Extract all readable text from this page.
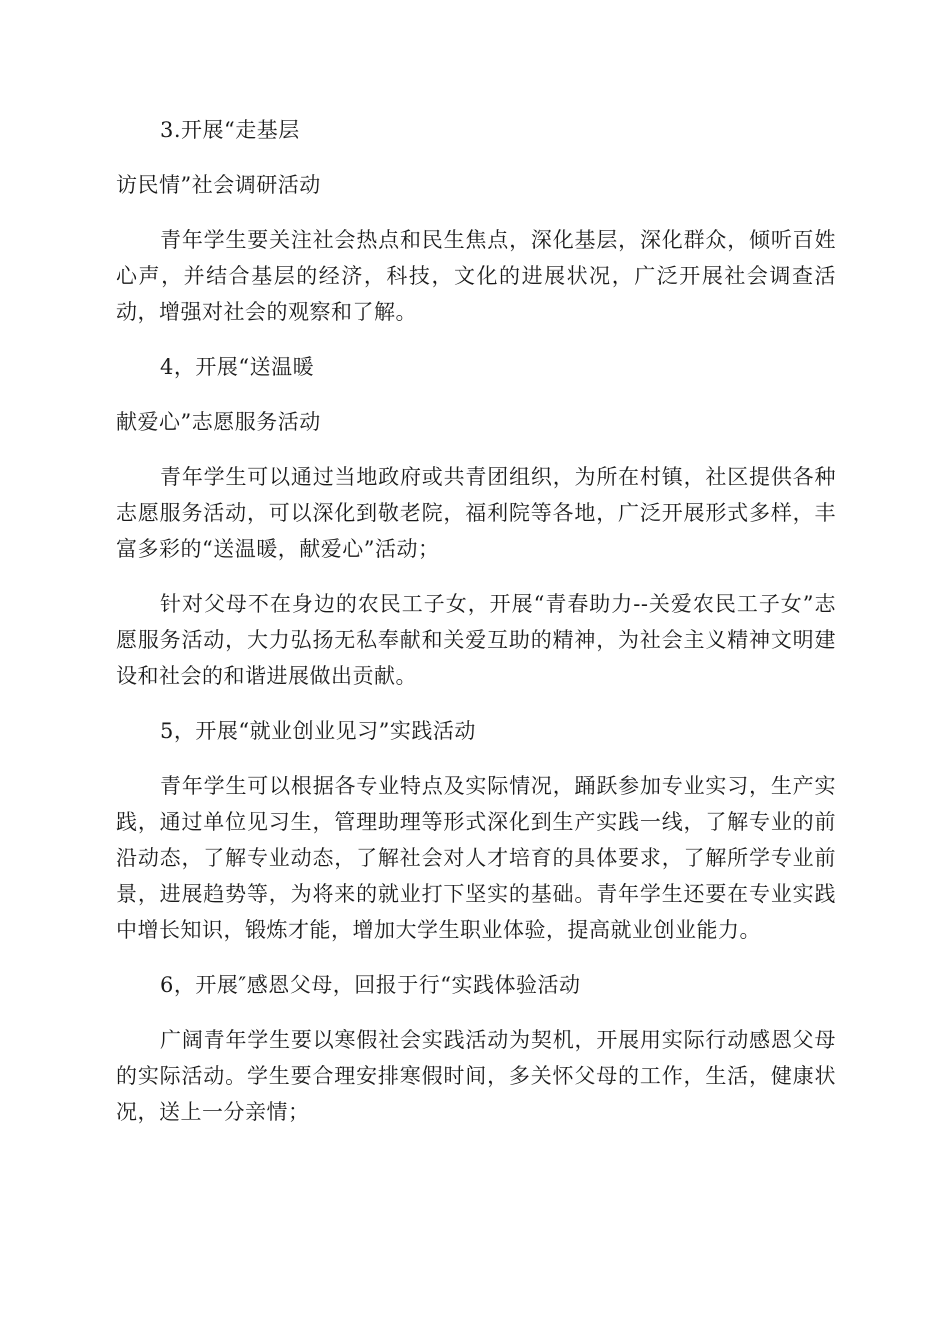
3.开展“走基层

访民情”社会调研活动

青年学生要关注社会热点和民生焦点，深化基层，深化群众，倾听百姓心声，并结合基层的经济，科技，文化的进展状况，广泛开展社会调查活动，增强对社会的观察和了解。

4，开展“送温暖

献爱心”志愿服务活动

青年学生可以通过当地政府或共青团组织，为所在村镇，社区提供各种志愿服务活动，可以深化到敬老院，福利院等各地，广泛开展形式多样，丰富多彩的“送温暖，献爱心”活动；

针对父母不在身边的农民工子女，开展“青春助力--关爱农民工子女”志愿服务活动，大力弘扬无私奉献和关爱互助的精神，为社会主义精神文明建设和社会的和谐进展做出贡献。

5，开展“就业创业见习”实践活动

青年学生可以根据各专业特点及实际情况，踊跃参加专业实习，生产实践，通过单位见习生，管理助理等形式深化到生产实践一线，了解专业的前沿动态，了解专业动态，了解社会对人才培育的具体要求，了解所学专业前景，进展趋势等，为将来的就业打下坚实的基础。青年学生还要在专业实践中增长知识，锻炼才能，增加大学生职业体验，提高就业创业能力。

6，开展″感恩父母，回报于行“实践体验活动

广阔青年学生要以寒假社会实践活动为契机，开展用实际行动感恩父母的实际活动。学生要合理安排寒假时间，多关怀父母的工作，生活，健康状况，送上一分亲情；
